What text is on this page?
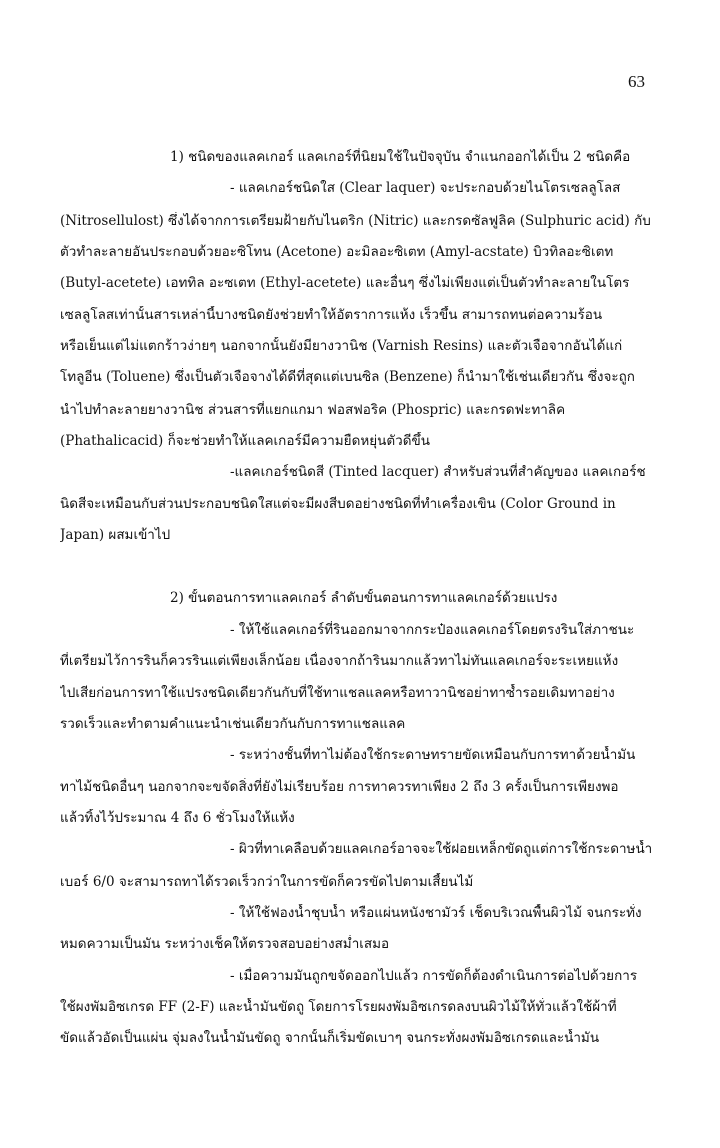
63
1) ชนิดของแลคเกอร์ แลคเกอร์ที่นิยมใช้ในปัจจุบัน จำแนกออกได้เป็น 2 ชนิดคือ
- แลคเกอร์ชนิดใส (Clear laquer) จะประกอบด้วยไนโตรเซลลูโลส
(Nitrosellulost) ซึ่งได้จากการเตรียมฝ้ายกับไนตริก (Nitric) และกรดซัลฟูลิค (Sulphuric acid) กับ
ตัวทำละลายอันประกอบด้วยอะซิโทน (Acetone) อะมิลอะซิเตท (Amyl-acstate) บิวทิลอะซิเตท
(Butyl-acetete) เอททิล อะซเตท (Ethyl-acetete) และอื่นๆ ซึ่งไม่เพียงแต่เป็นตัวทำละลายในโตร
เซลลูโลสเท่านั้นสารเหล่านี้บางชนิดยังช่วยทำให้อัตราการแห้ง เร็วขึ้น สามารถทนต่อความร้อน
หรือเย็นแต่ไม่แตกร้าวง่ายๆ นอกจากนั้นยังมียางวานิช (Varnish Resins) และตัวเจือจากอันได้แก่
โทลูอีน (Toluene) ซึ่งเป็นตัวเจือจางได้ดีที่สุดแต่เบนซิล (Benzene) ก็นำมาใช้เช่นเดียวกัน ซึ่งจะถูก
นำไปทำละลายยางวานิช ส่วนสารที่แยกแกมา ฟอสฟอริค (Phospric) และกรดฟะทาลิค
(Phathalicacid) ก็จะช่วยทำให้แลคเกอร์มีความยืดหยุ่นตัวดีขึ้น
-แลคเกอร์ชนิดสี (Tinted lacquer) สำหรับส่วนที่สำคัญของ แลคเกอร์ช
นิดสีจะเหมือนกับส่วนประกอบชนิดใสแต่จะมีผงสีบดอย่างชนิดที่ทำเครื่องเขิน (Color Ground in
Japan) ผสมเข้าไป
2) ขั้นตอนการทาแลคเกอร์ ลำดับขั้นตอนการทาแลคเกอร์ด้วยแปรง
- ให้ใช้แลคเกอร์ที่รินออกมาจากกระป๋องแลคเกอร์โดยตรงรินใส่ภาชนะ
ที่เตรียมไว้การรินก็ควรรินแต่เพียงเล็กน้อย เนื่องจากถ้ารินมากแล้วทาไม่ทันแลคเกอร์จะระเหยแห้ง
ไปเสียก่อนการทาใช้แปรงชนิดเดียวกันกับที่ใช้ทาแชลแลคหรือทาวานิชอย่าทาซ้ำรอยเดิมทาอย่าง
รวดเร็วและทำตามคำแนะนำเช่นเดียวกันกับการทาแชลแลค
- ระหว่างชั้นที่ทาไม่ต้องใช้กระดาษทรายขัดเหมือนกับการทาด้วยน้ำมัน
ทาไม้ชนิดอื่นๆ นอกจากจะขจัดสิ่งที่ยังไม่เรียบร้อย การทาควรทาเพียง 2 ถึง 3 ครั้งเป็นการเพียงพอ
แล้วทิ้งไว้ประมาณ 4 ถึง 6 ชั่วโมงให้แห้ง
- ผิวที่ทาเคลือบด้วยแลคเกอร์อาจจะใช้ฝอยเหล็กขัดถูแต่การใช้กระดาษน้ำ
เบอร์ 6/0 จะสามารถทาได้รวดเร็วกว่าในการขัดก็ควรขัดไปตามเสี้ยนไม้
- ให้ใช้ฟองน้ำชุบน้ำ หรือแผ่นหนังชามัวร์ เช็ดบริเวณพื้นผิวไม้ จนกระทั่ง
หมดความเป็นมัน ระหว่างเช็คให้ตรวจสอบอย่างสม่ำเสมอ
- เมื่อความมันถูกขจัดออกไปแล้ว การขัดก็ต้องดำเนินการต่อไปด้วยการ
ใช้ผงพัมอิซเกรด FF (2-F) และน้ำมันขัดถู โดยการโรยผงพัมอิซเกรดลงบนผิวไม้ให้ทั่วแล้วใช้ผ้าที่
ขัดแล้วอัดเป็นแผ่น จุ่มลงในน้ำมันขัดถู จากนั้นก็เริ่มขัดเบาๆ จนกระทั่งผงพัมอิซเกรดและน้ำมัน
